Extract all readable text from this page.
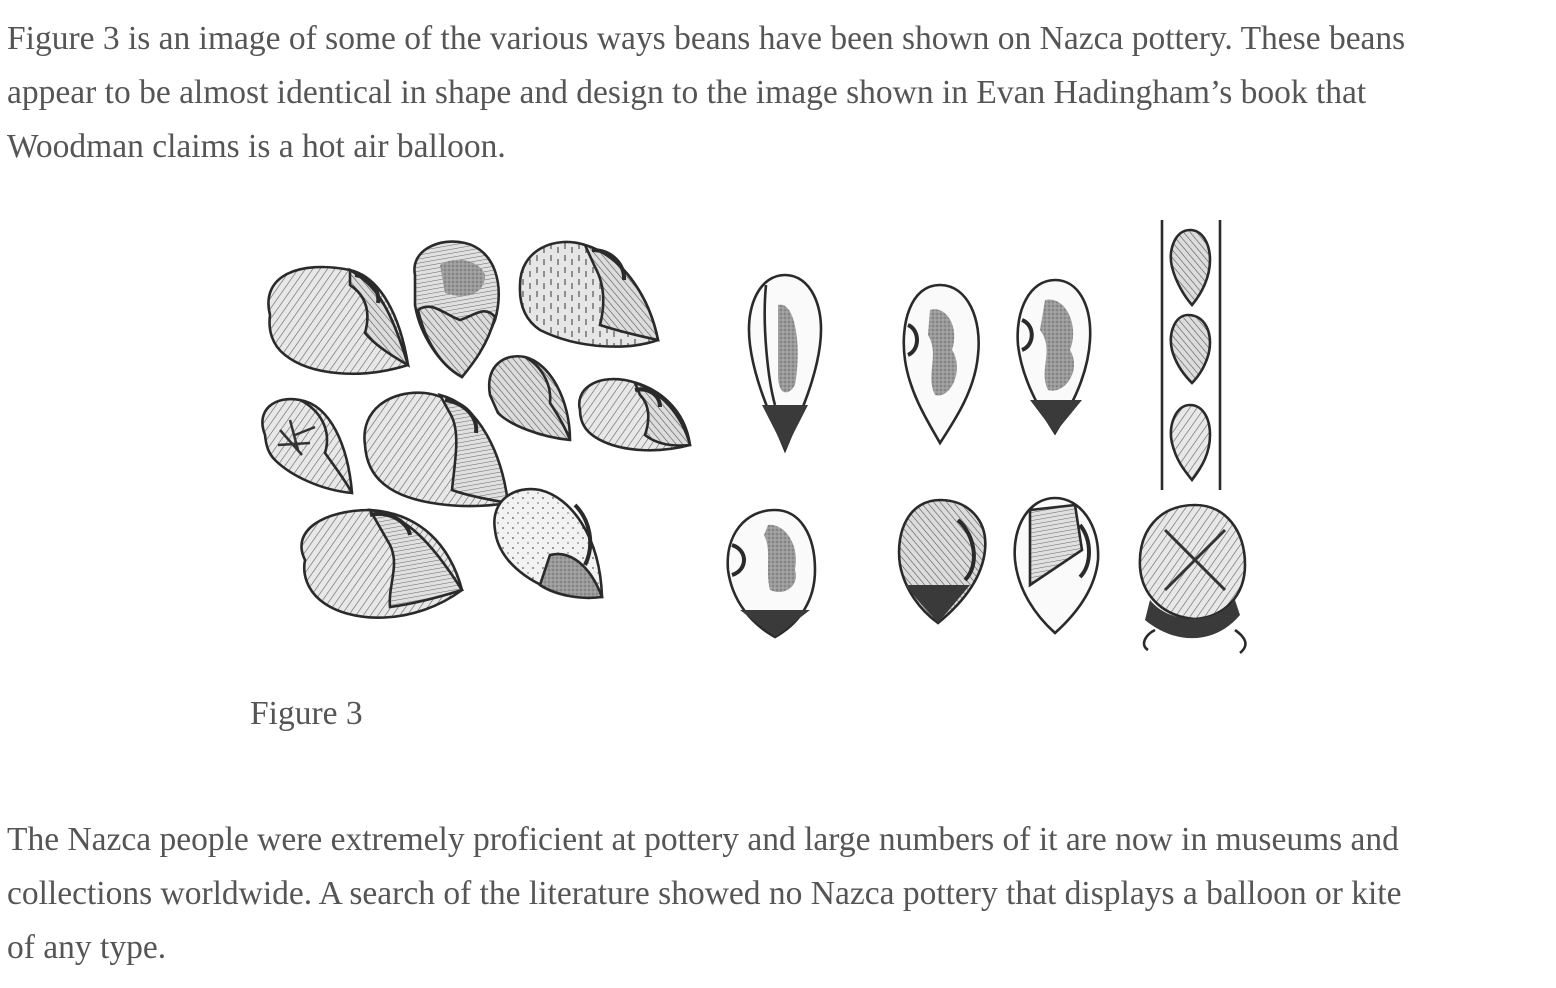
Figure 3 is an image of some of the various ways beans have been shown on Nazca pottery. These beans
appear to be almost identical in shape and design to the image shown in Evan Hadingham’s book that
Woodman claims is a hot air balloon.

Figure 3

The Nazca people were extremely proficient at pottery and large numbers of it are now in museums and
collections worldwide. A search of the literature showed no Nazca pottery that displays a balloon or kite
of any type.
